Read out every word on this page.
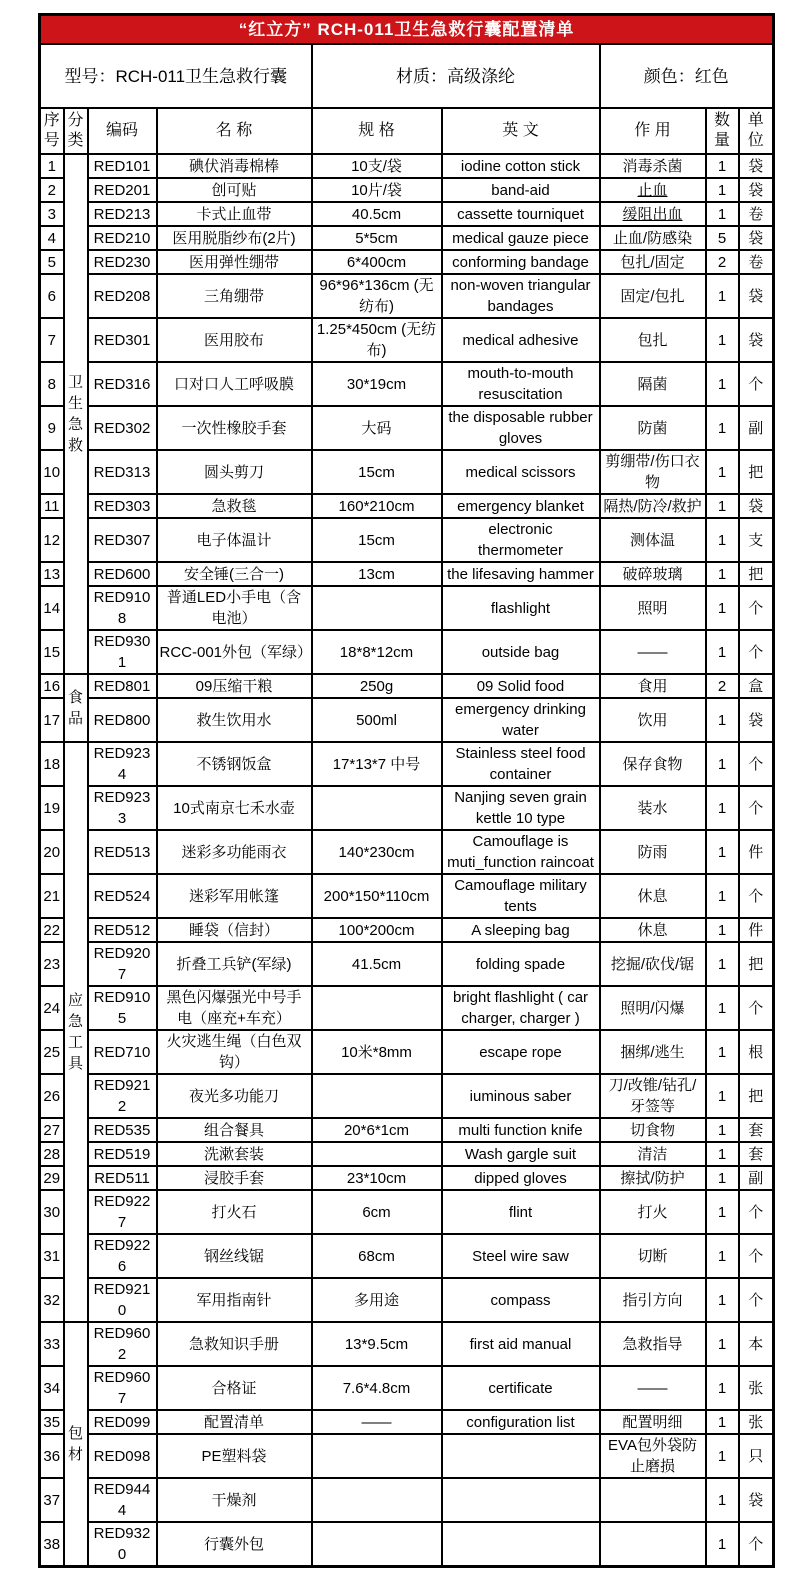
“红立方” RCH-011卫生急救行囊配置清单								
型号：RCH-011卫生急救行囊				材质：高级涤纶		颜色：红色		
序号	分类	编码	名 称	规 格	英 文	作 用	数量	单位
1	卫生急救	RED101	碘伏消毒棉棒	10支/袋	iodine cotton stick	消毒杀菌	1	袋
2		RED201	创可贴	10片/袋	band-aid	止血	1	袋
3		RED213	卡式止血带	40.5cm	cassette tourniquet	缓阻出血	1	卷
4		RED210	医用脱脂纱布(2片)	5*5cm	medical gauze piece	止血/防感染	5	袋
5		RED230	医用弹性绷带	6*400cm	conforming bandage	包扎/固定	2	卷
6		RED208	三角绷带	96*96*136cm (无纺布)	non-woven triangular bandages	固定/包扎	1	袋
7		RED301	医用胶布	1.25*450cm (无纺布)	medical adhesive	包扎	1	袋
8		RED316	口对口人工呼吸膜	30*19cm	mouth-to-mouth resuscitation	隔菌	1	个
9		RED302	一次性橡胶手套	大码	the disposable rubber gloves	防菌	1	副
10		RED313	圆头剪刀	15cm	medical scissors	剪绷带/伤口衣物	1	把
11		RED303	急救毯	160*210cm	emergency blanket	隔热/防冷/救护	1	袋
12		RED307	电子体温计	15cm	electronic thermometer	测体温	1	支
13		RED600	安全锤(三合一)	13cm	the lifesaving hammer	破碎玻璃	1	把
14		RED9108	普通LED小手电（含电池）		flashlight	照明	1	个
15		RED9301	RCC-001外包（军绿）	18*8*12cm	outside bag	——	1	个
16	食品	RED801	09压缩干粮	250g	09 Solid food	食用	2	盒
17		RED800	救生饮用水	500ml	emergency drinking water	饮用	1	袋
18	应急工具	RED9234	不锈钢饭盒	17*13*7 中号	Stainless steel food container	保存食物	1	个
19		RED9233	10式南京七禾水壶		Nanjing seven grain kettle 10 type	装水	1	个
20		RED513	迷彩多功能雨衣	140*230cm	Camouflage is muti_function raincoat	防雨	1	件
21		RED524	迷彩军用帐篷	200*150*110cm	Camouflage military tents	休息	1	个
22		RED512	睡袋（信封）	100*200cm	A sleeping bag	休息	1	件
23		RED9207	折叠工兵铲(军绿)	41.5cm	folding spade	挖掘/砍伐/锯	1	把
24		RED9105	黑色闪爆强光中号手电（座充+车充）		bright flashlight ( car charger, charger )	照明/闪爆	1	个
25		RED710	火灾逃生绳（白色双钩）	10米*8mm	escape rope	捆绑/逃生	1	根
26		RED9212	夜光多功能刀		iuminous saber	刀/改锥/钻孔/牙签等	1	把
27		RED535	组合餐具	20*6*1cm	multi function knife	切食物	1	套
28		RED519	洗漱套装		Wash gargle suit	清洁	1	套
29		RED511	浸胶手套	23*10cm	dipped gloves	擦拭/防护	1	副
30		RED9227	打火石	6cm	flint	打火	1	个
31		RED9226	钢丝线锯	68cm	Steel wire saw	切断	1	个
32		RED9210	军用指南针	多用途	compass	指引方向	1	个
33	包材	RED9602	急救知识手册	13*9.5cm	first aid manual	急救指导	1	本
34		RED9607	合格证	7.6*4.8cm	certificate	——	1	张
35		RED099	配置清单	——	configuration list	配置明细	1	张
36		RED098	PE塑料袋			EVA包外袋防止磨损	1	只
37		RED9444	干燥剂				1	袋
38		RED9320	行囊外包				1	个
